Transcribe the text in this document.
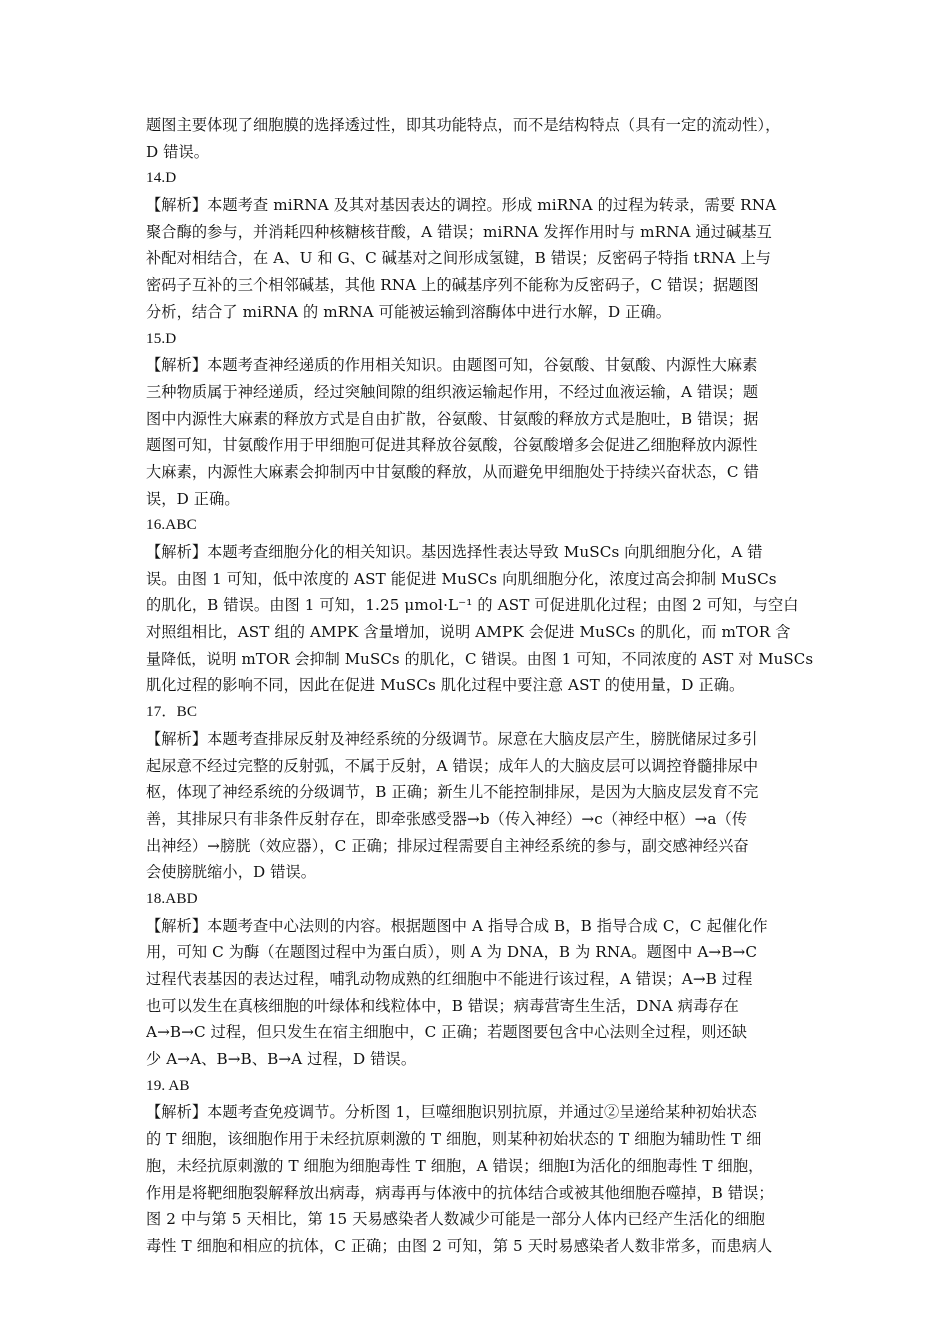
题图主要体现了细胞膜的选择透过性，即其功能特点，而不是结构特点（具有一定的流动性），
D 错误。
14.D
【解析】本题考查 miRNA 及其对基因表达的调控。形成 miRNA 的过程为转录，需要 RNA
聚合酶的参与，并消耗四种核糖核苷酸，A 错误；miRNA 发挥作用时与 mRNA 通过碱基互
补配对相结合，在 A、U 和 G、C 碱基对之间形成氢键，B 错误；反密码子特指 tRNA 上与
密码子互补的三个相邻碱基，其他 RNA 上的碱基序列不能称为反密码子，C 错误；据题图
分析，结合了 miRNA 的 mRNA 可能被运输到溶酶体中进行水解，D 正确。
15.D
【解析】本题考查神经递质的作用相关知识。由题图可知，谷氨酸、甘氨酸、内源性大麻素
三种物质属于神经递质，经过突触间隙的组织液运输起作用，不经过血液运输，A 错误；题
图中内源性大麻素的释放方式是自由扩散，谷氨酸、甘氨酸的释放方式是胞吐，B 错误；据
题图可知，甘氨酸作用于甲细胞可促进其释放谷氨酸，谷氨酸增多会促进乙细胞释放内源性
大麻素，内源性大麻素会抑制丙中甘氨酸的释放，从而避免甲细胞处于持续兴奋状态，C 错
误，D 正确。
16.ABC
【解析】本题考查细胞分化的相关知识。基因选择性表达导致 MuSCs 向肌细胞分化，A 错
误。由图 1 可知，低中浓度的 AST 能促进 MuSCs 向肌细胞分化，浓度过高会抑制 MuSCs
的肌化，B 错误。由图 1 可知，1.25 μmol·L⁻¹ 的 AST 可促进肌化过程；由图 2 可知，与空白
对照组相比，AST 组的 AMPK 含量增加，说明 AMPK 会促进 MuSCs 的肌化，而 mTOR 含
量降低，说明 mTOR 会抑制 MuSCs 的肌化，C 错误。由图 1 可知，不同浓度的 AST 对 MuSCs
肌化过程的影响不同，因此在促进 MuSCs 肌化过程中要注意 AST 的使用量，D 正确。
17．BC
【解析】本题考查排尿反射及神经系统的分级调节。尿意在大脑皮层产生，膀胱储尿过多引
起尿意不经过完整的反射弧，不属于反射，A 错误；成年人的大脑皮层可以调控脊髓排尿中
枢，体现了神经系统的分级调节，B 正确；新生儿不能控制排尿，是因为大脑皮层发育不完
善，其排尿只有非条件反射存在，即牵张感受器→b（传入神经）→c（神经中枢）→a（传
出神经）→膀胱（效应器），C 正确；排尿过程需要自主神经系统的参与，副交感神经兴奋
会使膀胱缩小，D 错误。
18.ABD
【解析】本题考查中心法则的内容。根据题图中 A 指导合成 B，B 指导合成 C，C 起催化作
用，可知 C 为酶（在题图过程中为蛋白质），则 A 为 DNA，B 为 RNA。题图中 A→B→C
过程代表基因的表达过程，哺乳动物成熟的红细胞中不能进行该过程，A 错误；A→B 过程
也可以发生在真核细胞的叶绿体和线粒体中，B 错误；病毒营寄生生活，DNA 病毒存在
A→B→C 过程，但只发生在宿主细胞中，C 正确；若题图要包含中心法则全过程，则还缺
少 A→A、B→B、B→A 过程，D 错误。
19. AB
【解析】本题考查免疫调节。分析图 1，巨噬细胞识别抗原，并通过②呈递给某种初始状态
的 T 细胞，该细胞作用于未经抗原刺激的 T 细胞，则某种初始状态的 T 细胞为辅助性 T 细
胞，未经抗原刺激的 T 细胞为细胞毒性 T 细胞，A 错误；细胞Ⅰ为活化的细胞毒性 T 细胞，
作用是将靶细胞裂解释放出病毒，病毒再与体液中的抗体结合或被其他细胞吞噬掉，B 错误；
图 2 中与第 5 天相比，第 15 天易感染者人数减少可能是一部分人体内已经产生活化的细胞
毒性 T 细胞和相应的抗体，C 正确；由图 2 可知，第 5 天时易感染者人数非常多，而患病人
